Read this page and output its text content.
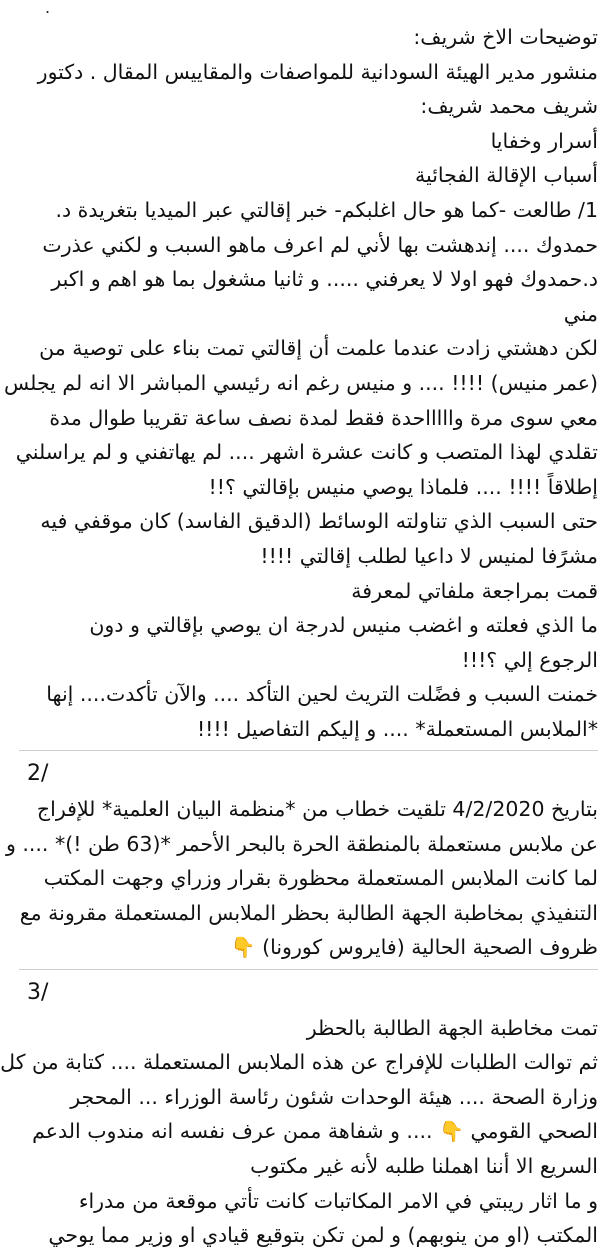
.
توضيحات الاخ شريف:
منشور مدير الهيئة السودانية للمواصفات والمقاييس المقال . دكتور
شريف محمد شريف:
أسرار وخفايا
أسباب الإقالة الفجائية
1/ طالعت -كما هو حال اغلبكم- خبر إقالتي عبر الميديا بتغريدة د.
حمدوك .... إندهشت بها لأني لم اعرف ماهو السبب و لكني عذرت
د.حمدوك فهو اولا لا يعرفني ..... و ثانيا مشغول بما هو اهم و اكبر
مني
لكن دهشتي زادت عندما علمت أن إقالتي تمت بناء على توصية من
(عمر منيس) !!!! .... و منيس رغم انه رئيسي المباشر الا انه لم يجلس
معي سوى مرة واااااحدة فقط لمدة نصف ساعة تقريبا طوال مدة
تقلدي لهذا المتصب و كانت عشرة اشهر .... لم يهاتفني و لم يراسلني
إطلاقاً !!!! .... فلماذا يوصي منيس بإقالتي ؟!!
حتى السبب الذي تناولته الوسائط (الدقيق الفاسد) كان موقفي فيه
مشرًفا لمنيس لا داعيا لطلب إقالتي !!!!
قمت بمراجعة ملفاتي لمعرفة
ما الذي فعلته و اغضب منيس لدرجة ان يوصي بإقالتي و دون
الرجوع إلي ؟!!!
خمنت السبب و فضًلت التريث لحين التأكد .... والآن تأكدت.... إنها
*الملابس المستعملة* .... و إليكم التفاصيل !!!!
2/
بتاريخ 4/2/2020 تلقيت خطاب من *منظمة البيان العلمية* للإفراج
عن ملابس مستعملة بالمنطقة الحرة بالبحر الأحمر *(63 طن !)* .... و
لما كانت الملابس المستعملة محظورة بقرار وزراي وجهت المكتب
التنفيذي بمخاطبة الجهة الطالبة بحظر الملابس المستعملة مقرونة مع
ظروف الصحية الحالية (فايروس كورونا) 👇
3/
تمت مخاطبة الجهة الطالبة بالحظر
ثم توالت الطلبات للإفراج عن هذه الملابس المستعملة .... كتابة من كل
وزارة الصحة .... هيئة الوحدات شئون رئاسة الوزراء ... المحجر
الصحي القومي 👇 .... و شفاهة ممن عرف نفسه انه مندوب الدعم
السريع الا أننا اهملنا طلبه لأنه غير مكتوب
و ما اثار ريبتي في الامر المكاتبات كانت تأتي موقعة من مدراء
المكتب (او من ينوبهم) و لمن تكن بتوقيع قيادي او وزير مما يوحي
